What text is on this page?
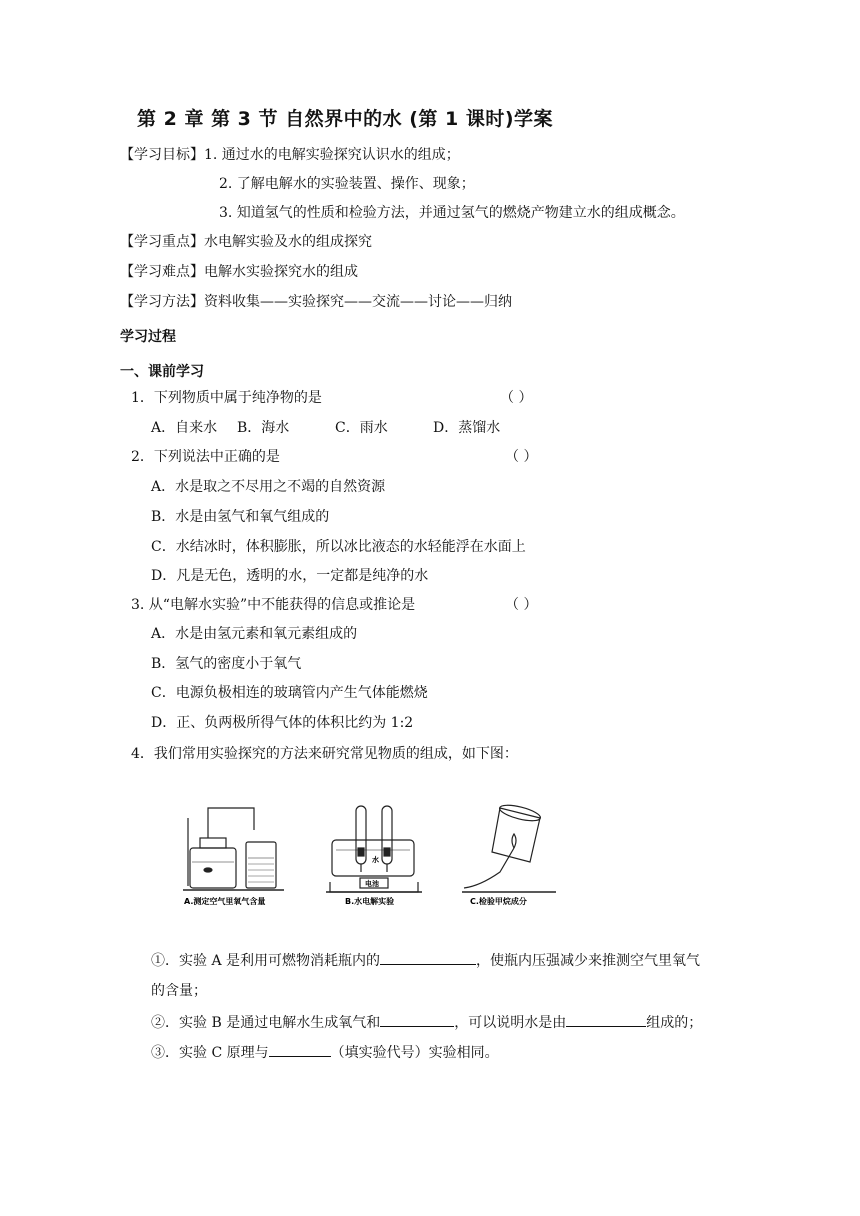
第 2 章 第 3 节 自然界中的水 (第 1 课时)学案
【学习目标】1. 通过水的电解实验探究认识水的组成；
2. 了解电解水的实验装置、操作、现象；
3. 知道氢气的性质和检验方法，并通过氢气的燃烧产物建立水的组成概念。
【学习重点】水电解实验及水的组成探究
【学习难点】电解水实验探究水的组成
【学习方法】资料收集——实验探究——交流——讨论——归纳
学习过程
一、课前学习
1．下列物质中属于纯净物的是	（ ）
A．自来水 B．海水	C．雨水	D．蒸馏水
2．下列说法中正确的是	（ ）
A．水是取之不尽用之不竭的自然资源
B．水是由氢气和氧气组成的
C．水结冰时，体积膨胀，所以冰比液态的水轻能浮在水面上
D．凡是无色，透明的水，一定都是纯净的水
3. 从“电解水实验”中不能获得的信息或推论是	（ ）
A．水是由氢元素和氧元素组成的
B．氢气的密度小于氧气
C．电源负极相连的玻璃管内产生气体能燃烧
D．正、负两极所得气体的体积比约为 1:2
4．我们常用实验探究的方法来研究常见物质的组成，如下图：
A.测定空气里氧气含量
水
电池
B.水电解实验	C.检验甲烷成分
①．实验 A 是利用可燃物消耗瓶内的	，使瓶内压强减少来推测空气里氧气
的含量；
②．实验 B 是通过电解水生成氧气和	，可以说明水是由	组成的；
③．实验 C 原理与	（填实验代号）实验相同。
